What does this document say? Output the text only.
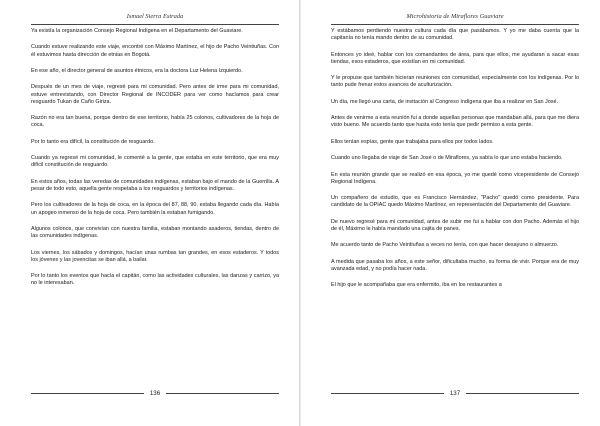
Ismael Sierra Estrada

Ya existía la organización Consejo Regional Indígena en el Departamento del Guaviare.

Cuando estuve realizando este viaje, encontré con Máximo Martínez, el hijo de Pacho Veintiuñas. Con él estuvimos hasta dirección de etnias en Bogotá.

En ese año, el director general de asuntos étnicos, era la doctora Luz Helena Izquierdo.

Después de un mes de viaje, regresé para mi comunidad. Pero antes de irme para mi comunidad, estuve entrevistando, con Director Regional de INCODER para ver como hacíamos para crear resguardo Tukan de Caño Giriza.

Razón no era tan buena, porque dentro de ese territorio, había 25 colonos, cultivadores de la hoja de coca.

Por lo tanto era difícil, la constitución de resguardo.

Cuando ya regresé mi comunidad, le comenté a la gente, que estaba en este territorio, que era muy difícil constitución de resguardo.

En estos años, todas las veredas de comunidades indígenas, estaban bajo el mando de la Guerrilla. A pesar de todo esto, aquella gente respetaba a los resguardos y territorios indígenas.

Pero los cultivadores de la hoja de coca, en la época del 87, 88, 90, estaba llegando cada día. Había un apogeo inmenso de la hoja de coca. Pero también la estaban fumigando.

Algunos colonos, que convivían con nuestra familia, estaban montando asaderos, tiendas, dentro de las comunidades indígenas.

Los viernes, los sábados y domingos, hacían unas rumbas tan grandes, en esos estaderos. Y todos los jóvenes y las jovencitas se iban allá, a bailar.

Por lo tanto los eventos que hacía el capitán, como las actividades culturales, las danzas y carrizo, ya no le interesaban.

136
Microhistoria de Miraflores Guaviare

Y estábamos perdiendo nuestra cultura cada día que pasábamos. Y yo me daba cuenta que la capitanía no tenía mando dentro de su comunidad.

Entonces yo ideé, hablar con los comandantes de área, para que ellos, me ayudaran a sacar esas tiendas, esos estaderos, que existían en mi comunidad.

Y le propuse que también hicieran reuniones con comunidad, especialmente con los indígenas. Por lo tanto pude frenar estos avances de aculturización.

Un día, me llegó una carta, de invitación al Congreso Indígena que iba a realizar en San José.

Antes de venirme a esta reunión fui a donde aquellas personas que mandaban allá, para que me diera visto bueno. Me acuerdo tanto que hasta esto tenía que pedir permiso a esta gente.

Ellos tenían espías, gente que trabajaba para ellos por todos lados.

Cuando uno llegaba de viaje de San José o de Miraflores, ya sabía lo que uno estaba haciendo.

En esta reunión grande que se realizó en esa época, yo me quedé como vicepresidente de Consejo Regional Indígena.

Un compañero de estudio, que es Francisco Hernández, "Pacho" quedó como presidente. Para candidato de la OPIAC quedo Máximo Martínez, en representación del Departamento del Guaviare.

De nuevo regresé para mi comunidad, antes de subir me fui a hablar con don Pacho. Además el hijo de él, Máximo le había mandado una cajita de panes.

Me acuerdo tanto de Pacho Veintiuñas a veces no tenía, con que hacer desayuno o almuerzo.

A medida que pasaba los años, a este señor, dificultaba mucho, su forma de vivir. Porque era de muy avanzada edad, y no podía hacer nada.

El hijo que le acompañaba que era enfermito, iba en los restaurantes a

137
